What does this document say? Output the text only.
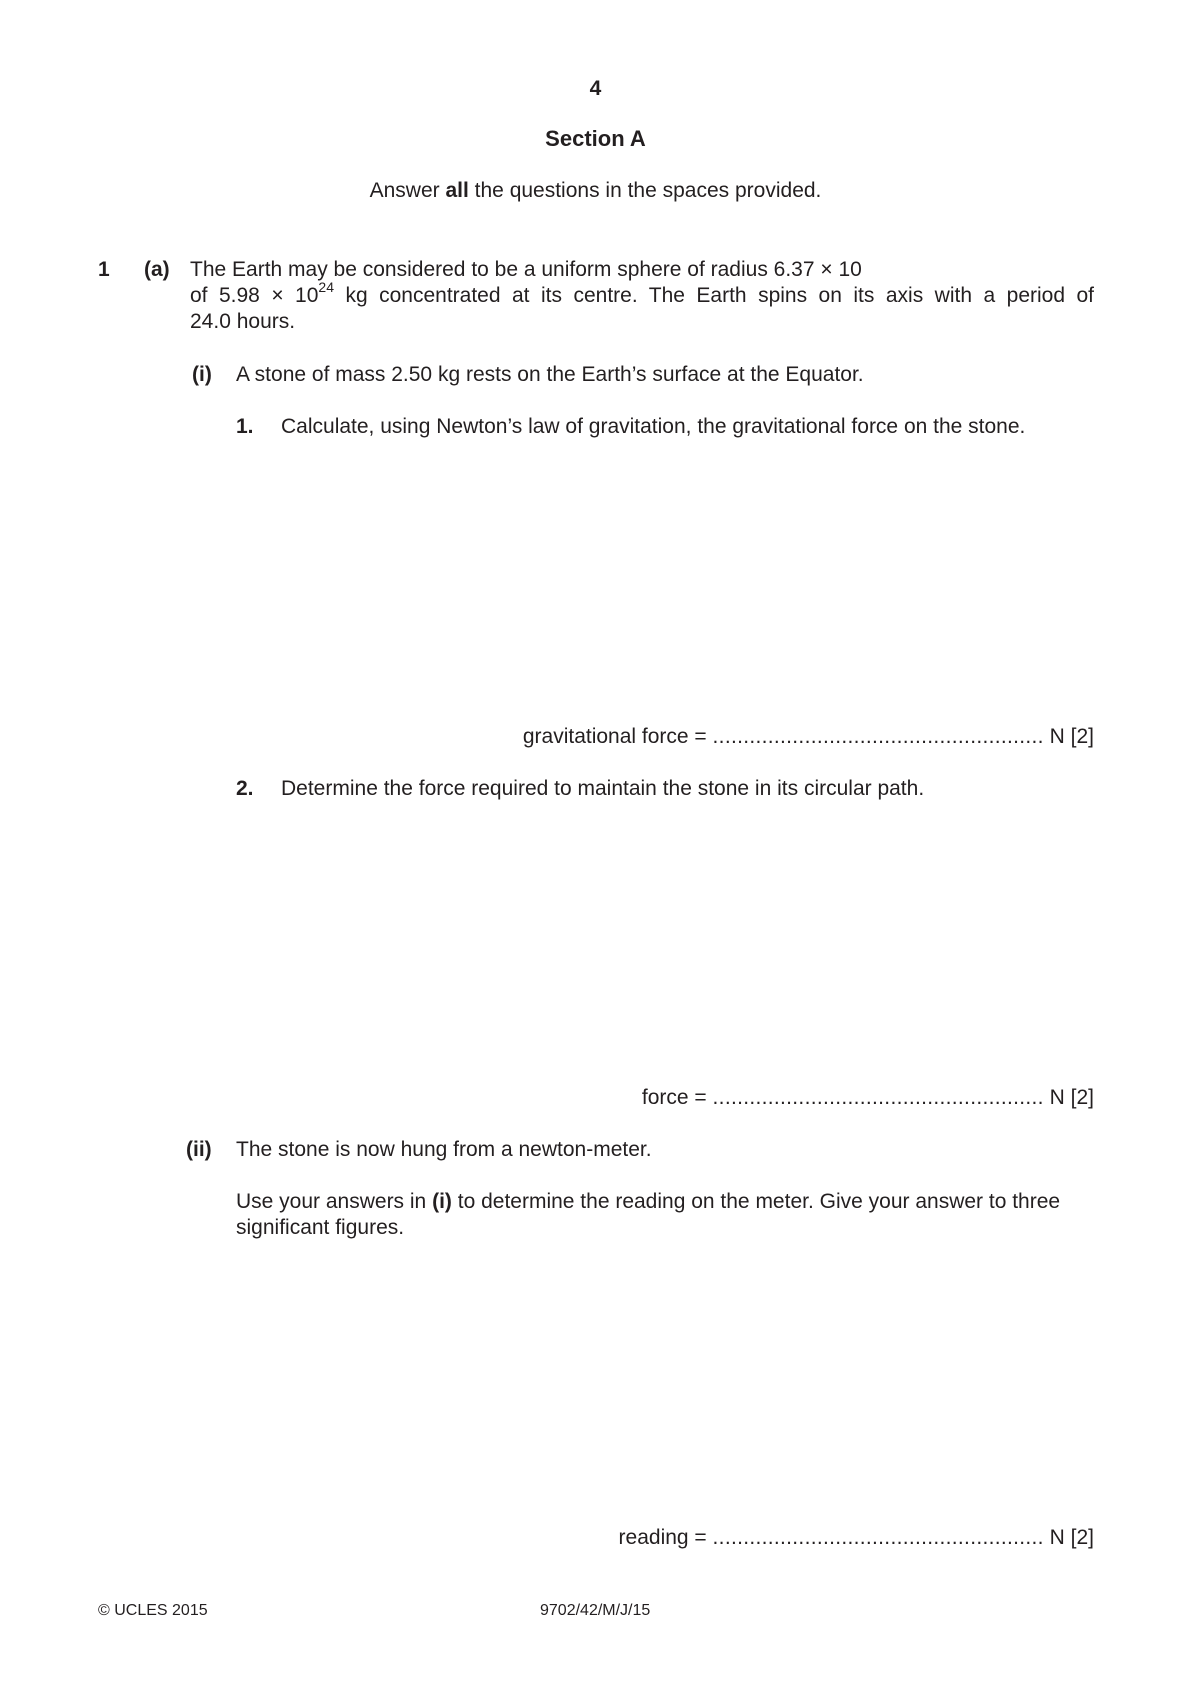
4
Section A
Answer all the questions in the spaces provided.
1 (a) The Earth may be considered to be a uniform sphere of radius 6.37 × 10
of $5.98 \times 10^{24}$ kg concentrated at its centre. The Earth spins on its axis with a period of
24.0 hours.
(i) A stone of mass 2.50 kg rests on the Earth’s surface at the Equator.
1. Calculate, using Newton’s law of gravitation, the gravitational force on the stone.
gravitational force = ...................................................... N [2]
2. Determine the force required to maintain the stone in its circular path.
force = ...................................................... N [2]
(ii) The stone is now hung from a newton-meter.
Use your answers in (i) to determine the reading on the meter. Give your answer to three significant figures.
reading = ...................................................... N [2]
© UCLES 2015	9702/42/M/J/15
